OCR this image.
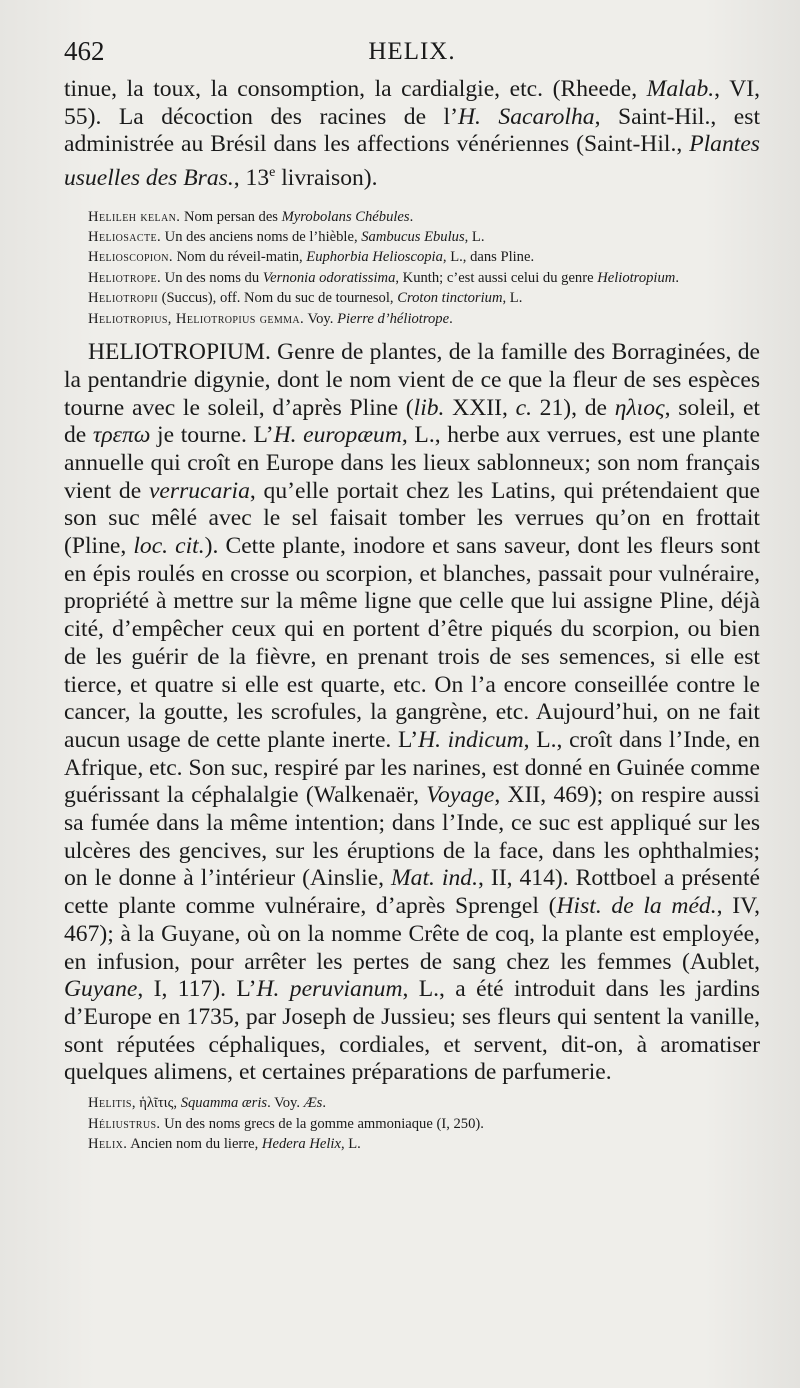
462	HELIX.

tinue, la toux, la consomption, la cardialgie, etc. (Rheede, Malab., VI, 55). La décoction des racines de l’H. Sacarolha, Saint-Hil., est administrée au Brésil dans les affections vénériennes (Saint-Hil., Plantes usuelles des Bras., 13e livraison).

Helileh kelan. Nom persan des Myrobolans Chébules.

Heliosacte. Un des anciens noms de l’hièble, Sambucus Ebulus, L.

Helioscopion. Nom du réveil-matin, Euphorbia Helioscopia, L., dans Pline.

Heliotrope. Un des noms du Vernonia odoratissima, Kunth; c’est aussi celui du genre Heliotropium.

Heliotropii (Succus), off. Nom du suc de tournesol, Croton tinctorium, L.

Heliotropius, Heliotropius gemma. Voy. Pierre d’héliotrope.

HELIOTROPIUM. Genre de plantes, de la famille des Borraginées, de la pentandrie digynie, dont le nom vient de ce que la fleur de ses espèces tourne avec le soleil, d’après Pline (lib. XXII, c. 21), de ηλιος, soleil, et de τρεπω je tourne. L’H. europæum, L., herbe aux verrues, est une plante annuelle qui croît en Europe dans les lieux sablonneux; son nom français vient de verrucaria, qu’elle portait chez les Latins, qui prétendaient que son suc mêlé avec le sel faisait tomber les verrues qu’on en frottait (Pline, loc. cit.). Cette plante, inodore et sans saveur, dont les fleurs sont en épis roulés en crosse ou scorpion, et blanches, passait pour vulnéraire, propriété à mettre sur la même ligne que celle que lui assigne Pline, déjà cité, d’empêcher ceux qui en portent d’être piqués du scorpion, ou bien de les guérir de la fièvre, en prenant trois de ses semences, si elle est tierce, et quatre si elle est quarte, etc. On l’a encore conseillée contre le cancer, la goutte, les scrofules, la gangrène, etc. Aujourd’hui, on ne fait aucun usage de cette plante inerte. L’H. indicum, L., croît dans l’Inde, en Afrique, etc. Son suc, respiré par les narines, est donné en Guinée comme guérissant la céphalalgie (Walkenaër, Voyage, XII, 469); on respire aussi sa fumée dans la même intention; dans l’Inde, ce suc est appliqué sur les ulcères des gencives, sur les éruptions de la face, dans les ophthalmies; on le donne à l’intérieur (Ainslie, Mat. ind., II, 414). Rottboel a présenté cette plante comme vulnéraire, d’après Sprengel (Hist. de la méd., IV, 467); à la Guyane, où on la nomme Crête de coq, la plante est employée, en infusion, pour arrêter les pertes de sang chez les femmes (Aublet, Guyane, I, 117). L’H. peruvianum, L., a été introduit dans les jardins d’Europe en 1735, par Joseph de Jussieu; ses fleurs qui sentent la vanille, sont réputées céphaliques, cordiales, et servent, dit-on, à aromatiser quelques alimens, et certaines préparations de parfumerie.

Helitis, ἡλῖτις, Squamma æris. Voy. Æs.

Héliustrus. Un des noms grecs de la gomme ammoniaque (I, 250).

Helix. Ancien nom du lierre, Hedera Helix, L.
